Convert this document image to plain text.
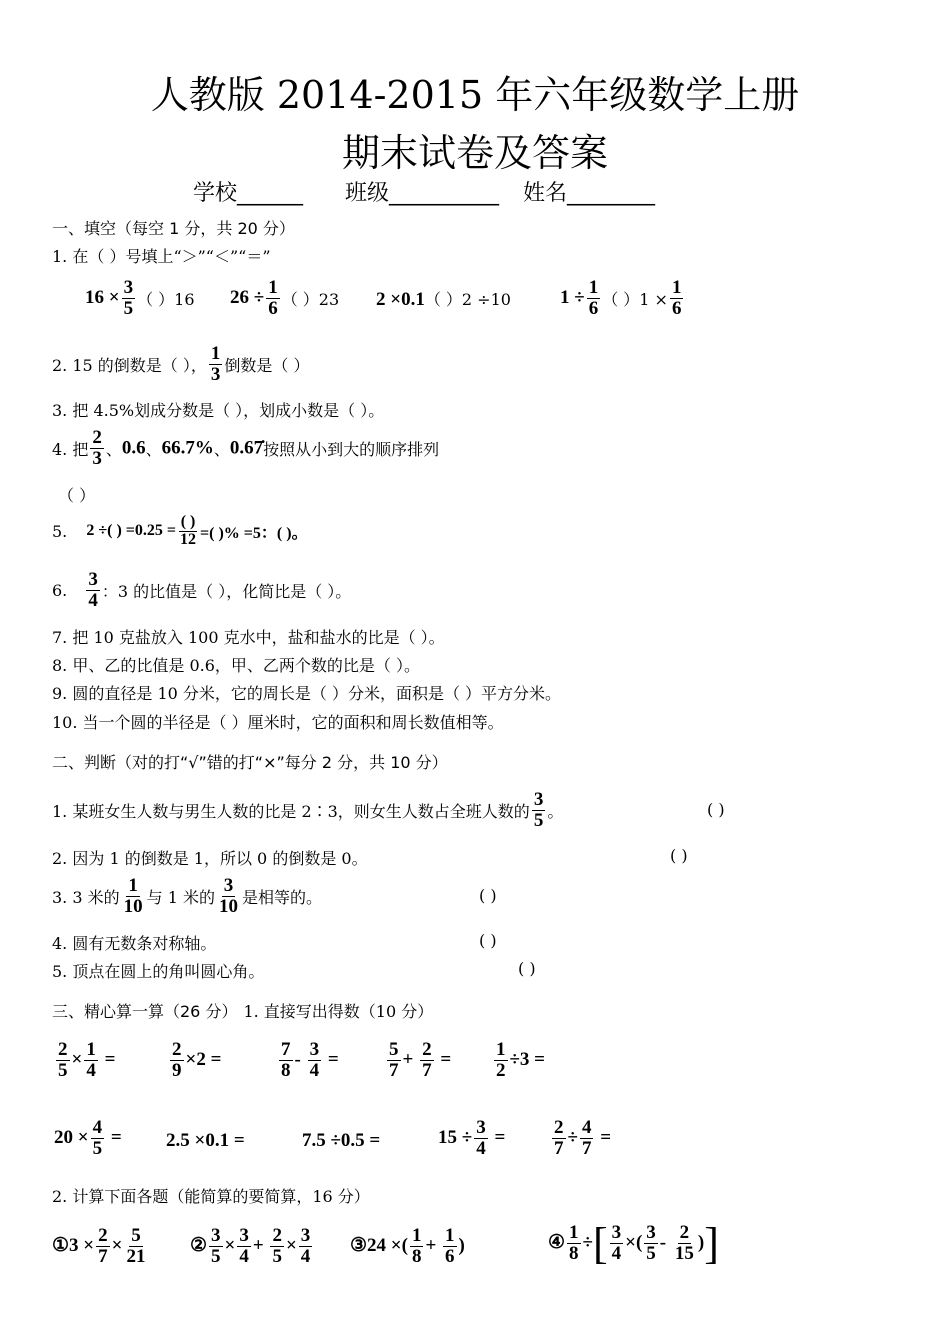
人教版 2014-2015 年六年级数学上册
期末试卷及答案
学校______ 班级__________ 姓名________
一、填空（每空 1 分，共 20 分）
1. 在（ ）号填上“＞”“＜”“＝”
$16 \times \frac{3}{5}$ （ ）16 $26 \div \frac{1}{6}$ （ ）23 2 ×0.1（ ）2 ÷10	$1 \div \frac{1}{6}$ （ ）$1 \times \frac{1}{6}$
2. 15 的倒数是（ ）， $\frac{1}{3}$ 倒数是（ ）
3. 把 4.5%划成分数是（ ），划成小数是（ ）。
4. 把 $\frac{2}{3}$ 、0.6、66.7%、0.67̇按照从小到大的顺序排列
（ ）
5. 2 ÷( ) $=0.25 = \frac{( )}{12}$ =( )% =5：( )。
6. $\frac{3}{4}$ ：3 的比值是（ ），化简比是（ ）。
7. 把 10 克盐放入 100 克水中，盐和盐水的比是（ ）。
8. 甲、乙的比值是 0.6，甲、乙两个数的比是（ ）。
9. 圆的直径是 10 分米，它的周长是（ ）分米，面积是（ ）平方分米。
10. 当一个圆的半径是（ ）厘米时，它的面积和周长数值相等。
二、判断（对的打“√”错的打“×”每分 2 分，共 10 分）
1. 某班女生人数与男生人数的比是 2∶3，则女生人数占全班人数的 $\frac{3}{5}$ 。	( )
2. 因为 1 的倒数是 1，所以 0 的倒数是 0。	( )
3. 3 米的 $\frac{1}{10}$ 与 1 米的 $\frac{3}{10}$ 是相等的。	( )
4. 圆有无数条对称轴。	( )
5. 顶点在圆上的角叫圆心角。	( )
三、精心算一算（26 分） 1. 直接写出得数（10 分）
$\frac{2}{5} \times \frac{1}{4}$ =	$\frac{2}{9} \times 2$ =	$\frac{7}{8} - \frac{3}{4}$ =	$\frac{5}{7} + \frac{2}{7} = \frac{1}{2} \div 3$ =
$20 \times \frac{4}{5} = 2.5 \times 0.1$ =	7.5 ÷0.5 =	$15 \div \frac{3}{4} = \frac{2}{7} \div \frac{4}{7}$ =
2. 计算下面各题（能简算的要简算，16 分）
①3 × $\frac{2}{7} \times \frac{5}{21}$ ② $\frac{3}{5} \times \frac{3}{4} + \frac{2}{5} \times \frac{3}{4}$ ③24 ×( $\frac{1}{8} + \frac{1}{6}$ )	④ $\frac{1}{8}$ ÷[ $\frac{3}{4}$ ×( $\frac{3}{5} - \frac{2}{15}$ )]
